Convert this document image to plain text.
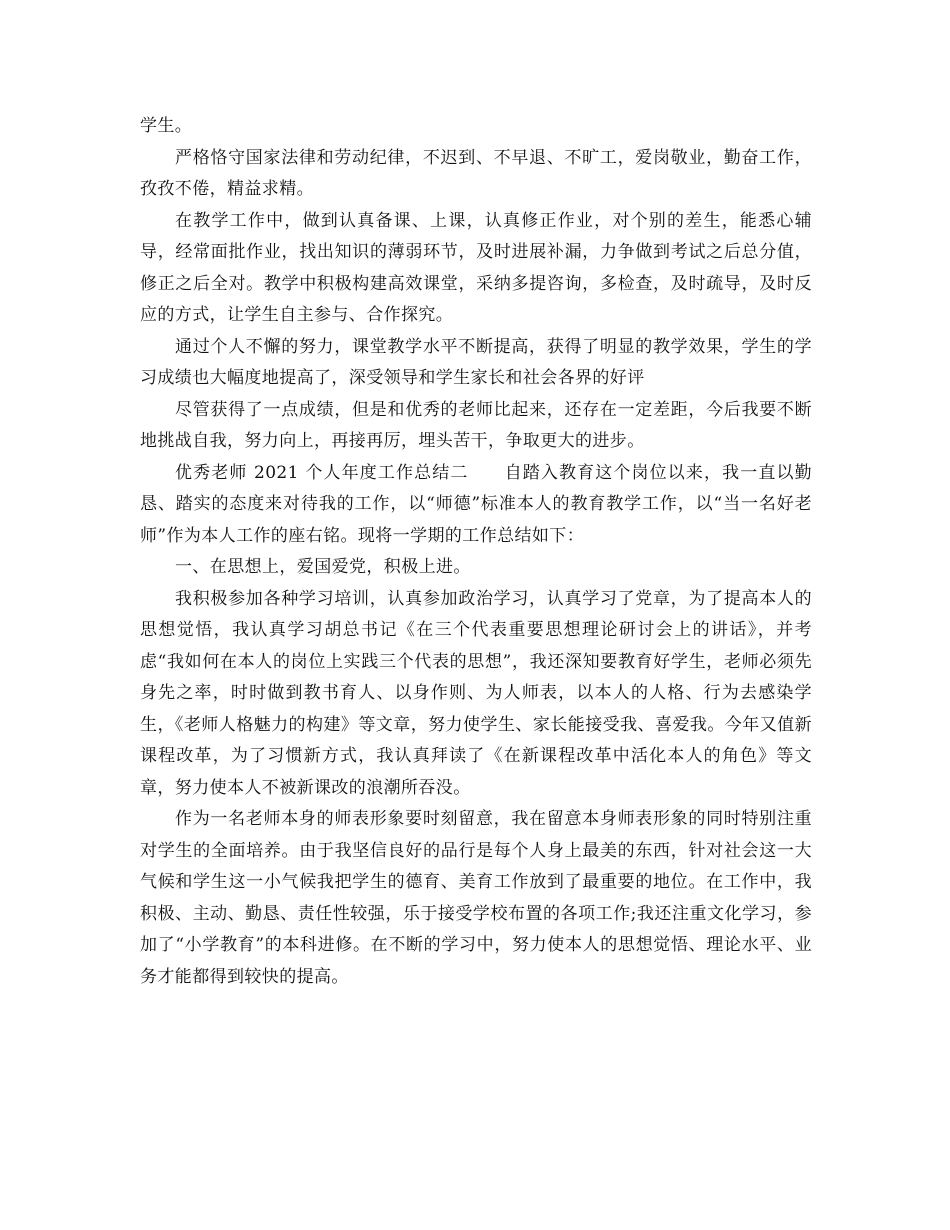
学生。

严格恪守国家法律和劳动纪律，不迟到、不早退、不旷工，爱岗敬业，勤奋工作，孜孜不倦，精益求精。

在教学工作中，做到认真备课、上课，认真修正作业，对个别的差生，能悉心辅导，经常面批作业，找出知识的薄弱环节，及时进展补漏，力争做到考试之后总分值，修正之后全对。教学中积极构建高效课堂，采纳多提咨询，多检查，及时疏导，及时反应的方式，让学生自主参与、合作探究。

通过个人不懈的努力，课堂教学水平不断提高，获得了明显的教学效果，学生的学习成绩也大幅度地提高了，深受领导和学生家长和社会各界的好评

尽管获得了一点成绩，但是和优秀的老师比起来，还存在一定差距，今后我要不断地挑战自我，努力向上，再接再厉，埋头苦干，争取更大的进步。

优秀老师 2021 个人年度工作总结二　　自踏入教育这个岗位以来，我一直以勤恳、踏实的态度来对待我的工作，以“师德”标准本人的教育教学工作，以“当一名好老师”作为本人工作的座右铭。现将一学期的工作总结如下：

一、在思想上，爱国爱党，积极上进。

我积极参加各种学习培训，认真参加政治学习，认真学习了党章，为了提高本人的思想觉悟，我认真学习胡总书记《在三个代表重要思想理论研讨会上的讲话》，并考虑“我如何在本人的岗位上实践三个代表的思想”，我还深知要教育好学生，老师必须先身先之率，时时做到教书育人、以身作则、为人师表，以本人的人格、行为去感染学生，《老师人格魅力的构建》等文章，努力使学生、家长能接受我、喜爱我。今年又值新课程改革，为了习惯新方式，我认真拜读了《在新课程改革中活化本人的角色》等文章，努力使本人不被新课改的浪潮所吞没。

作为一名老师本身的师表形象要时刻留意，我在留意本身师表形象的同时特别注重对学生的全面培养。由于我坚信良好的品行是每个人身上最美的东西，针对社会这一大气候和学生这一小气候我把学生的德育、美育工作放到了最重要的地位。在工作中，我积极、主动、勤恳、责任性较强，乐于接受学校布置的各项工作;我还注重文化学习，参加了“小学教育”的本科进修。在不断的学习中，努力使本人的思想觉悟、理论水平、业务才能都得到较快的提高。
